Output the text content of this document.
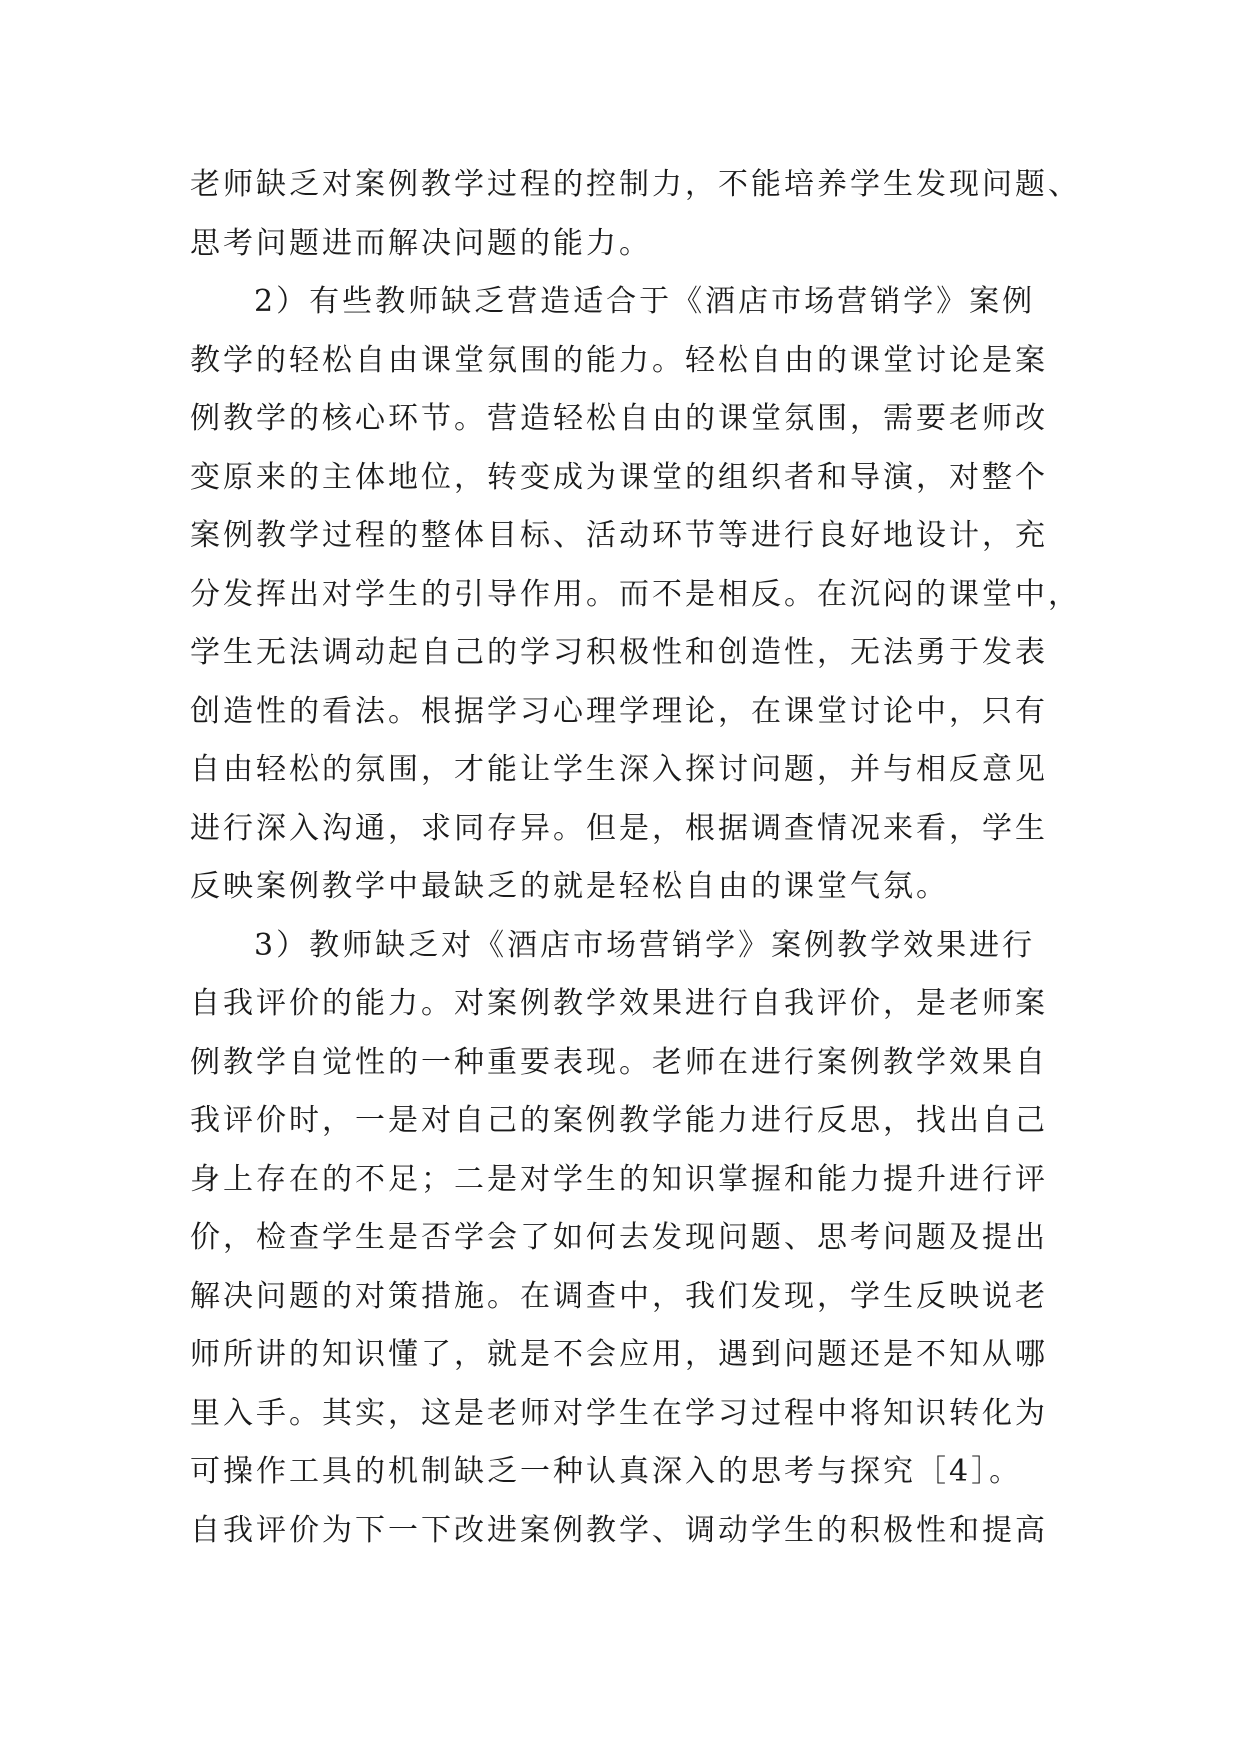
老师缺乏对案例教学过程的控制力，不能培养学生发现问题、
思考问题进而解决问题的能力。
2）有些教师缺乏营造适合于《酒店市场营销学》案例
教学的轻松自由课堂氛围的能力。轻松自由的课堂讨论是案
例教学的核心环节。营造轻松自由的课堂氛围，需要老师改
变原来的主体地位，转变成为课堂的组织者和导演，对整个
案例教学过程的整体目标、活动环节等进行良好地设计，充
分发挥出对学生的引导作用。而不是相反。在沉闷的课堂中，
学生无法调动起自己的学习积极性和创造性，无法勇于发表
创造性的看法。根据学习心理学理论，在课堂讨论中，只有
自由轻松的氛围，才能让学生深入探讨问题，并与相反意见
进行深入沟通，求同存异。但是，根据调查情况来看，学生
反映案例教学中最缺乏的就是轻松自由的课堂气氛。
3）教师缺乏对《酒店市场营销学》案例教学效果进行
自我评价的能力。对案例教学效果进行自我评价，是老师案
例教学自觉性的一种重要表现。老师在进行案例教学效果自
我评价时，一是对自己的案例教学能力进行反思，找出自己
身上存在的不足；二是对学生的知识掌握和能力提升进行评
价，检查学生是否学会了如何去发现问题、思考问题及提出
解决问题的对策措施。在调查中，我们发现，学生反映说老
师所讲的知识懂了，就是不会应用，遇到问题还是不知从哪
里入手。其实，这是老师对学生在学习过程中将知识转化为
可操作工具的机制缺乏一种认真深入的思考与探究［4］。
自我评价为下一下改进案例教学、调动学生的积极性和提高
